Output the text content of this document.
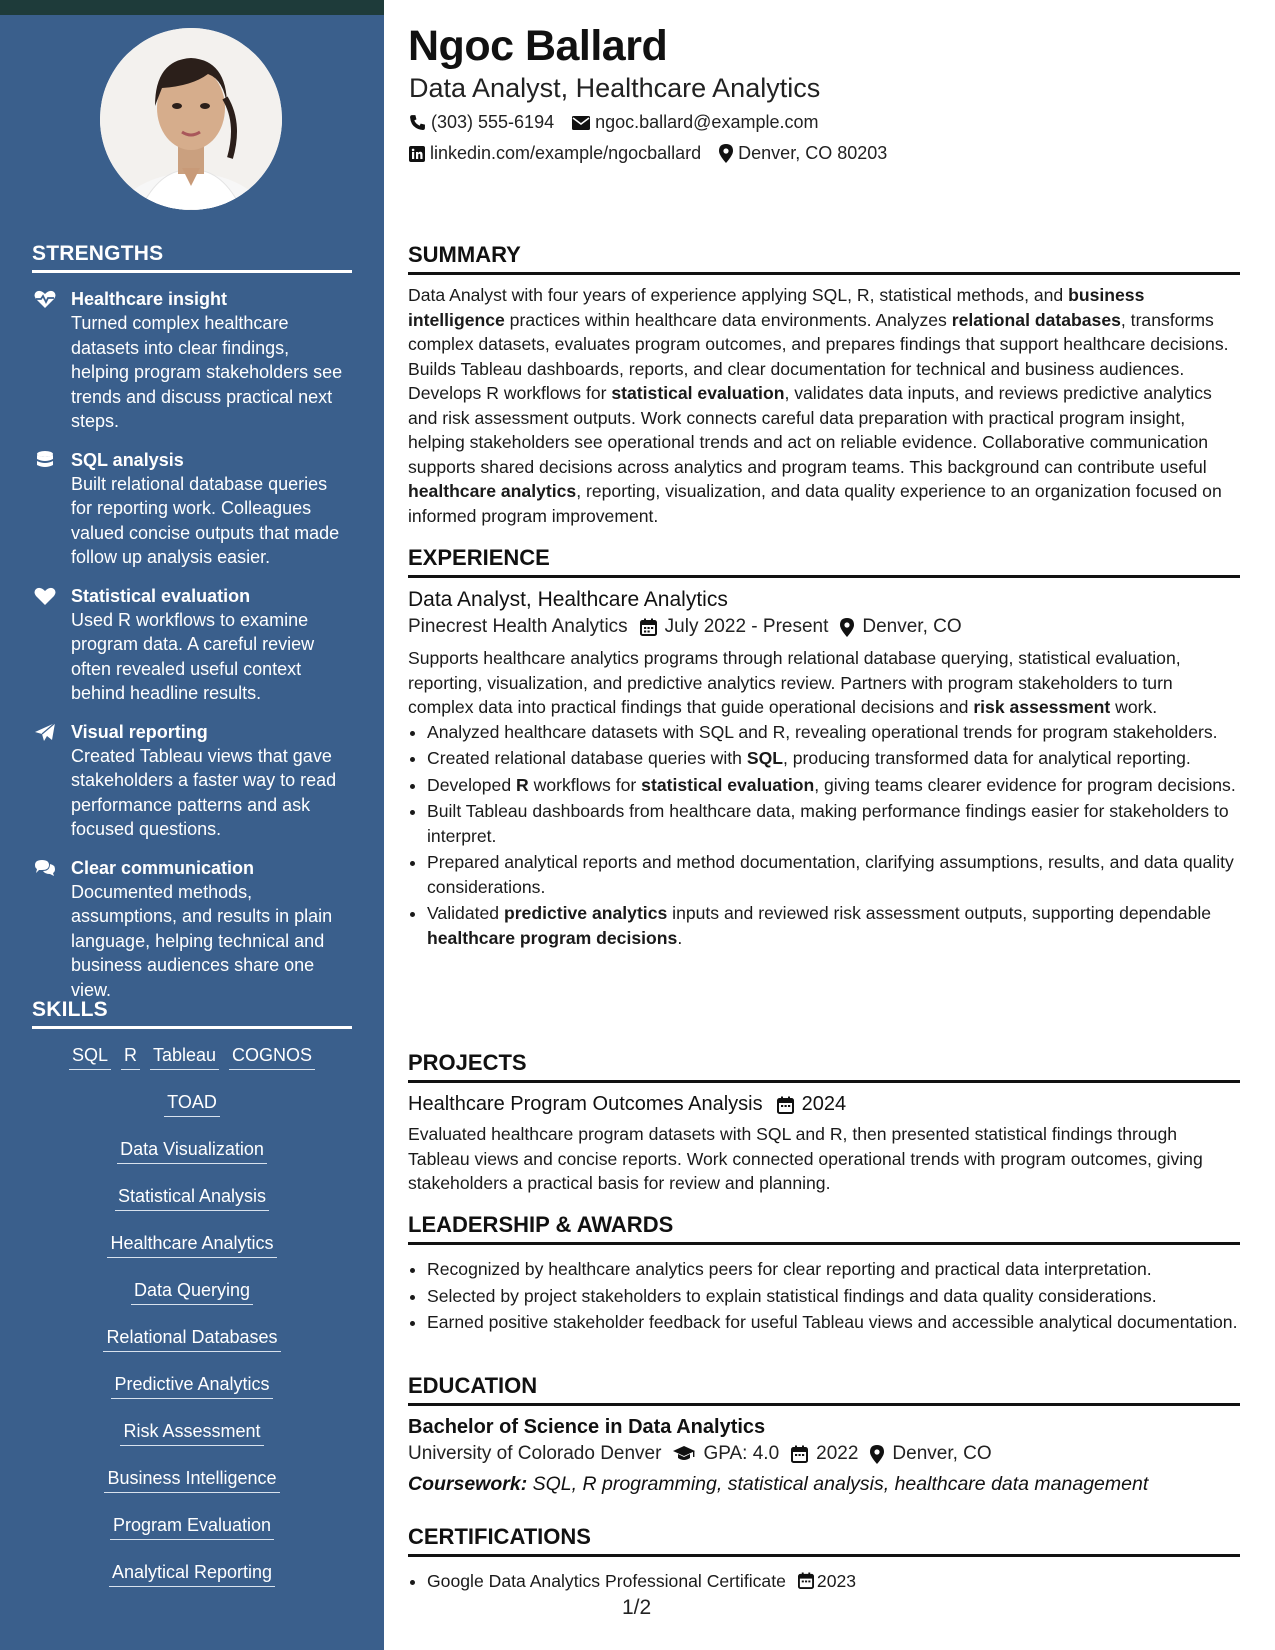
STRENGTHS
Healthcare insight
Turned complex healthcare datasets into clear findings, helping program stakeholders see trends and discuss practical next steps.
SQL analysis
Built relational database queries for reporting work. Colleagues valued concise outputs that made follow up analysis easier.
Statistical evaluation
Used R workflows to examine program data. A careful review often revealed useful context behind headline results.
Visual reporting
Created Tableau views that gave stakeholders a faster way to read performance patterns and ask focused questions.
Clear communication
Documented methods, assumptions, and results in plain language, helping technical and business audiences share one view.
SKILLS
SQL R Tableau COGNOS
TOAD
Data Visualization
Statistical Analysis
Healthcare Analytics
Data Querying
Relational Databases
Predictive Analytics
Risk Assessment
Business Intelligence
Program Evaluation
Analytical Reporting
Ngoc Ballard
Data Analyst, Healthcare Analytics
(303) 555-6194 ngoc.ballard@example.com
linkedin.com/example/ngocballard Denver, CO 80203
SUMMARY

Data Analyst with four years of experience applying SQL, R, statistical methods, and business intelligence practices within healthcare data environments. Analyzes relational databases, transforms complex datasets, evaluates program outcomes, and prepares findings that support healthcare decisions. Builds Tableau dashboards, reports, and clear documentation for technical and business audiences. Develops R workflows for statistical evaluation, validates data inputs, and reviews predictive analytics and risk assessment outputs. Work connects careful data preparation with practical program insight, helping stakeholders see operational trends and act on reliable evidence. Collaborative communication supports shared decisions across analytics and program teams. This background can contribute useful healthcare analytics, reporting, visualization, and data quality experience to an organization focused on informed program improvement.

EXPERIENCE
Data Analyst, Healthcare Analytics
Pinecrest Health Analytics July 2022 - Present Denver, CO

Supports healthcare analytics programs through relational database querying, statistical evaluation, reporting, visualization, and predictive analytics review. Partners with program stakeholders to turn complex data into practical findings that guide operational decisions and risk assessment work.

• Analyzed healthcare datasets with SQL and R, revealing operational trends for program stakeholders.
• Created relational database queries with SQL, producing transformed data for analytical reporting.
• Developed R workflows for statistical evaluation, giving teams clearer evidence for program decisions.
• Built Tableau dashboards from healthcare data, making performance findings easier for stakeholders to interpret.
• Prepared analytical reports and method documentation, clarifying assumptions, results, and data quality considerations.
• Validated predictive analytics inputs and reviewed risk assessment outputs, supporting dependable healthcare program decisions.
PROJECTS
Healthcare Program Outcomes Analysis 2024

Evaluated healthcare program datasets with SQL and R, then presented statistical findings through Tableau views and concise reports. Work connected operational trends with program outcomes, giving stakeholders a practical basis for review and planning.

LEADERSHIP & AWARDS
• Recognized by healthcare analytics peers for clear reporting and practical data interpretation.
• Selected by project stakeholders to explain statistical findings and data quality considerations.
• Earned positive stakeholder feedback for useful Tableau views and accessible analytical documentation.
EDUCATION
Bachelor of Science in Data Analytics
University of Colorado Denver GPA: 4.0 2022 Denver, CO
Coursework: SQL, R programming, statistical analysis, healthcare data management
CERTIFICATIONS
• Google Data Analytics Professional Certificate 2023
1/2
